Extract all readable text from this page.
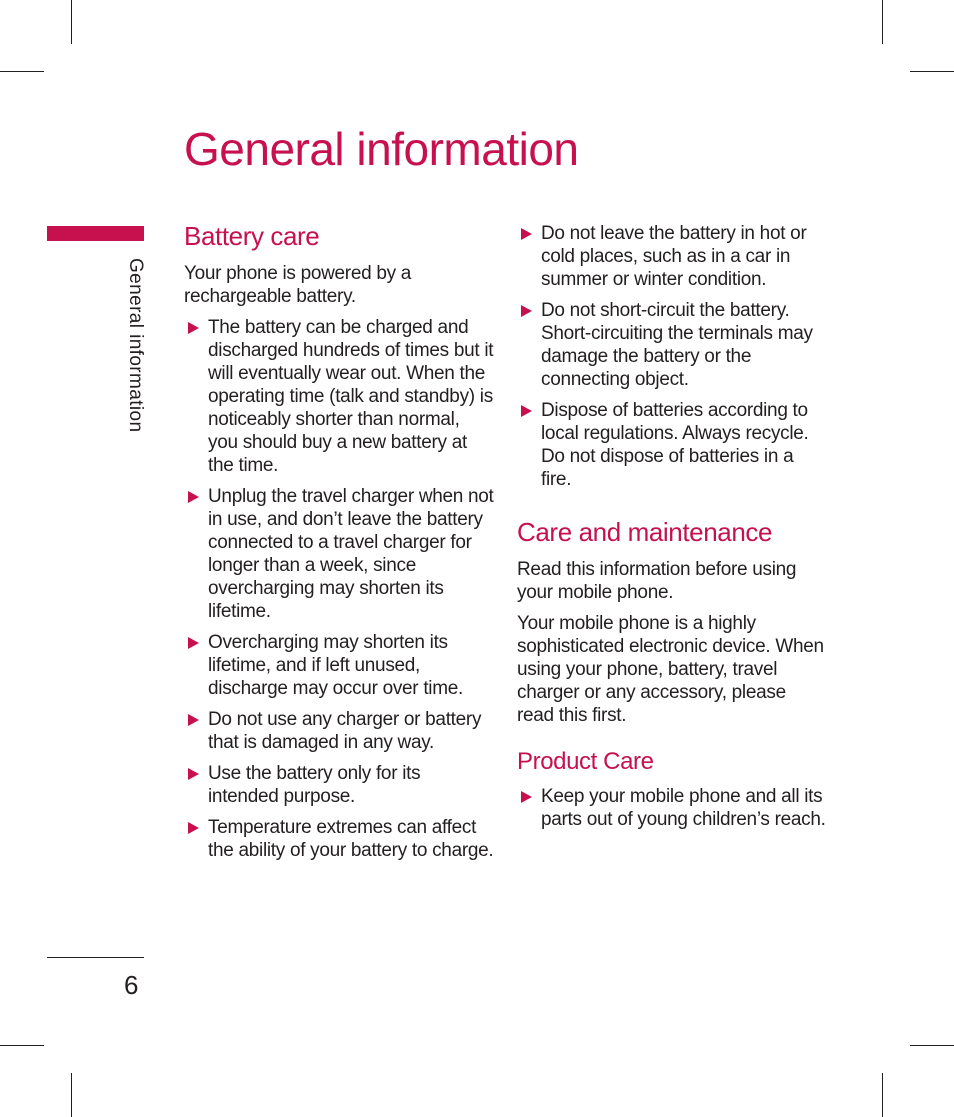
General information
6
General information
Battery care

Your phone is powered by a rechargeable battery.

The battery can be charged and discharged hundreds of times but it will eventually wear out. When the operating time (talk and standby) is noticeably shorter than normal, you should buy a new battery at the time.
Unplug the travel charger when not in use, and don’t leave the battery connected to a travel charger for longer than a week, since overcharging may shorten its lifetime.
Overcharging may shorten its lifetime, and if left unused, discharge may occur over time.
Do not use any charger or battery that is damaged in any way.
Use the battery only for its intended purpose.
Temperature extremes can affect the ability of your battery to charge.
Do not leave the battery in hot or cold places, such as in a car in summer or winter condition.
Do not short-circuit the battery. Short-circuiting the terminals may damage the battery or the connecting object.
Dispose of batteries according to local regulations. Always recycle. Do not dispose of batteries in a fire.
Care and maintenance

Read this information before using your mobile phone.

Your mobile phone is a highly sophisticated electronic device. When using your phone, battery, travel charger or any accessory, please read this first.

Product Care
Keep your mobile phone and all its parts out of young children’s reach.
